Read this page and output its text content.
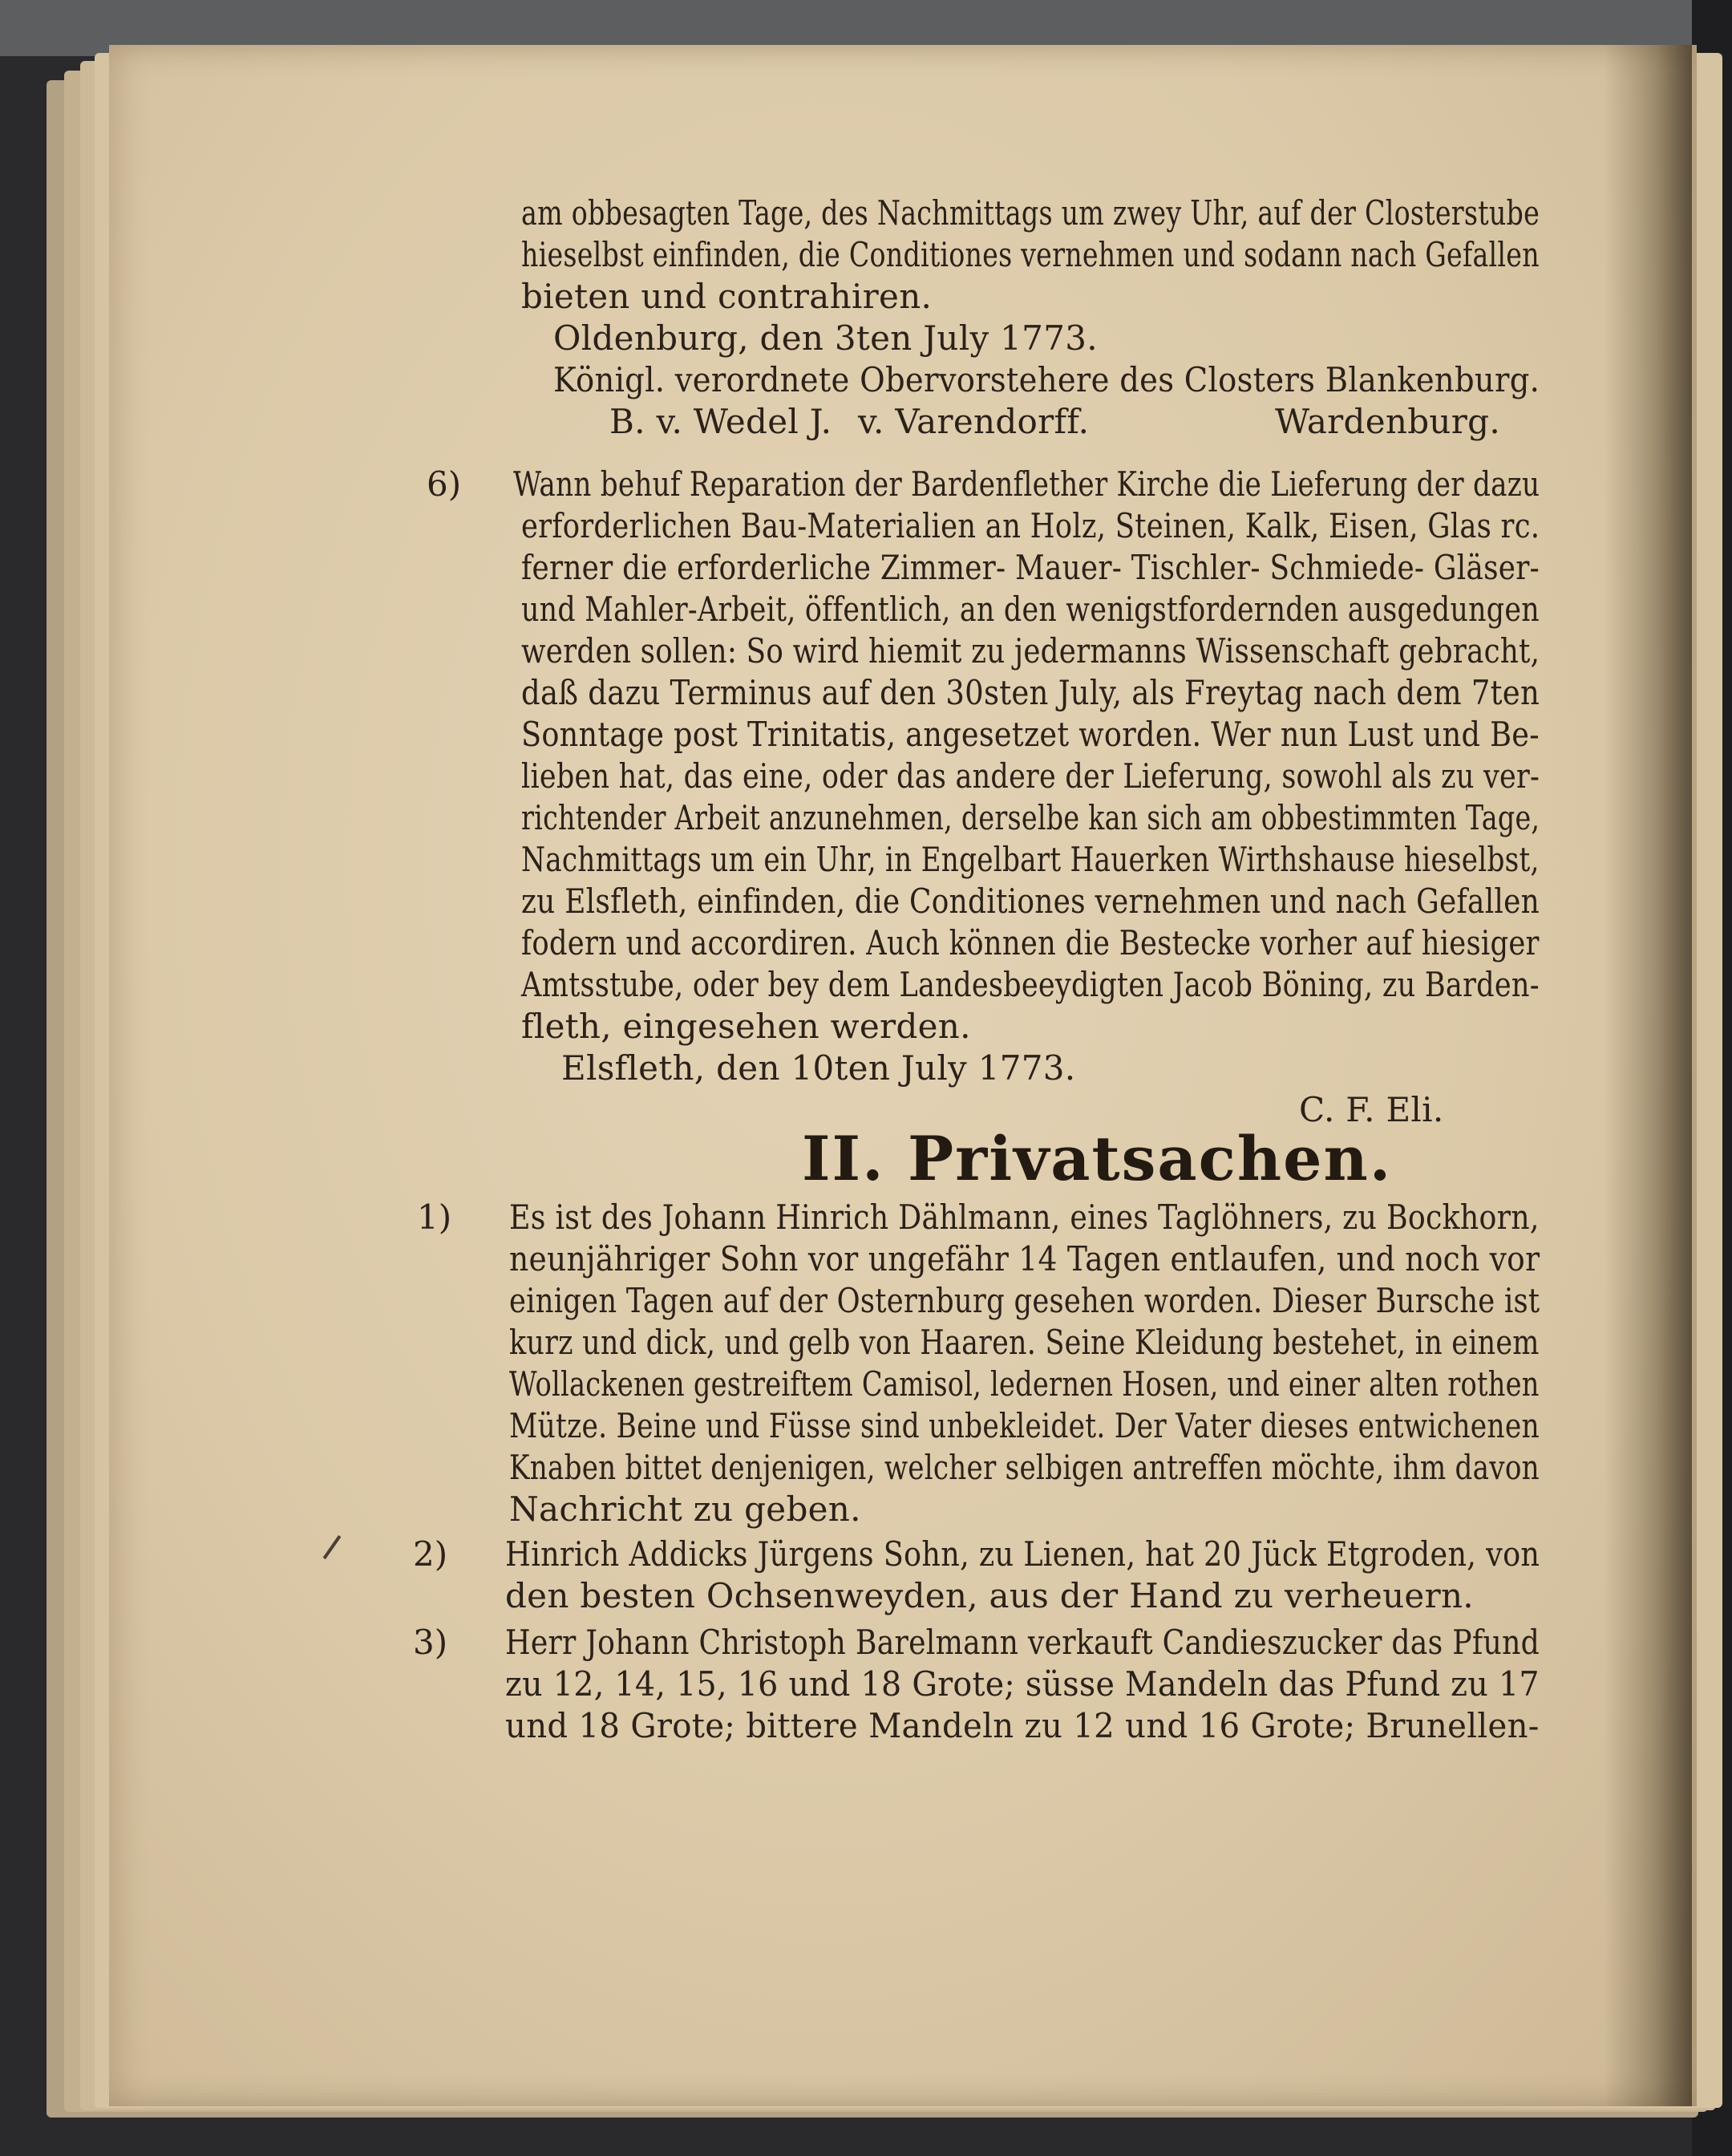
am obbesagten Tage, des Nachmittags um zwey Uhr, auf der Closterstube
hieselbst einfinden, die Conditiones vernehmen und sodann nach Gefallen
bieten und contrahiren.
Oldenburg, den 3ten July 1773.
Königl. verordnete Obervorstehere des Closters Blankenburg.
B. v. Wedel J. v. Varendorff.	Wardenburg.
6) Wann behuf Reparation der Bardenflether Kirche die Lieferung der dazu
erforderlichen Bau-Materialien an Holz, Steinen, Kalk, Eisen, Glas rc.
ferner die erforderliche Zimmer- Mauer- Tischler- Schmiede- Gläser-
und Mahler-Arbeit, öffentlich, an den wenigstfordernden ausgedungen
werden sollen: So wird hiemit zu jedermanns Wissenschaft gebracht,
daß dazu Terminus auf den 30sten July, als Freytag nach dem 7ten
Sonntage post Trinitatis, angesetzet worden. Wer nun Lust und Be-
lieben hat, das eine, oder das andere der Lieferung, sowohl als zu ver-
richtender Arbeit anzunehmen, derselbe kan sich am obbestimmten Tage,
Nachmittags um ein Uhr, in Engelbart Hauerken Wirthshause hieselbst,
zu Elsfleth, einfinden, die Conditiones vernehmen und nach Gefallen
fodern und accordiren. Auch können die Bestecke vorher auf hiesiger
Amtsstube, oder bey dem Landesbeeydigten Jacob Böning, zu Barden-
fleth, eingesehen werden.
Elsfleth, den 10ten July 1773.
C. F. Eli.
II. Privatsachen.
1) Es ist des Johann Hinrich Dählmann, eines Taglöhners, zu Bockhorn,
neunjähriger Sohn vor ungefähr 14 Tagen entlaufen, und noch vor
einigen Tagen auf der Osternburg gesehen worden. Dieser Bursche ist
kurz und dick, und gelb von Haaren. Seine Kleidung bestehet, in einem
Wollackenen gestreiftem Camisol, ledernen Hosen, und einer alten rothen
Mütze. Beine und Füsse sind unbekleidet. Der Vater dieses entwichenen
Knaben bittet denjenigen, welcher selbigen antreffen möchte, ihm davon
Nachricht zu geben.
2) Hinrich Addicks Jürgens Sohn, zu Lienen, hat 20 Jück Etgroden, von
den besten Ochsenweyden, aus der Hand zu verheuern.
3) Herr Johann Christoph Barelmann verkauft Candieszucker das Pfund
zu 12, 14, 15, 16 und 18 Grote; süsse Mandeln das Pfund zu 17
und 18 Grote; bittere Mandeln zu 12 und 16 Grote; Brunellen-
